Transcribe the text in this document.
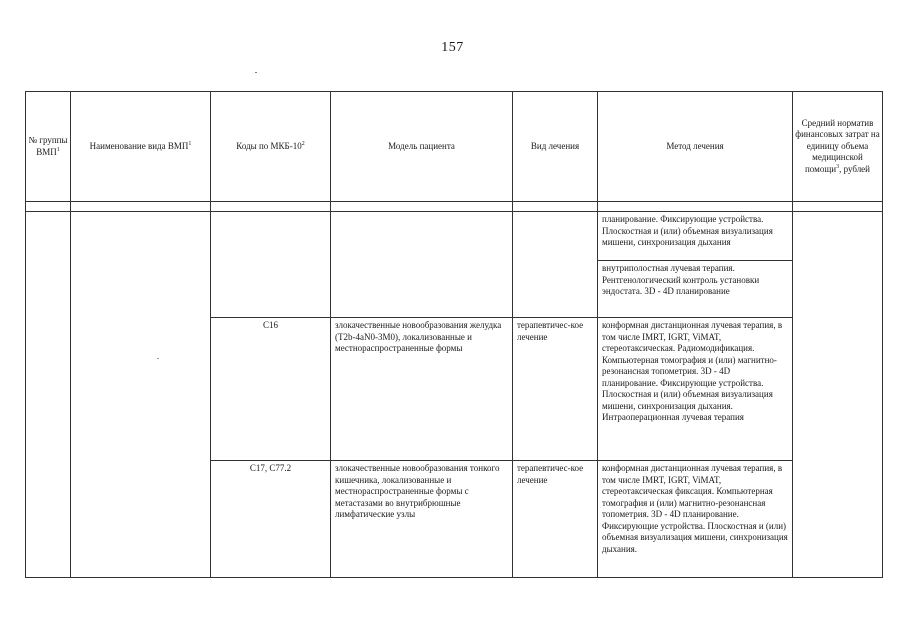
157
№ группы ВМП$^1$	Наименование вида ВМП$^1$	Коды по МКБ-$10^2$	Модель пациента	Вид лечения	Метод лечения	Средний норматив финансовых затрат на единицу объема медицинской помощи$^3$, рублей

					планирование. Фиксирующие устройства. Плоскостная и (или) объемная визуализация мишени, синхронизация дыхания	
					внутриполостная лучевая терапия. Рентгенологический контроль установки эндостата. 3D - 4D планирование	
		C16	злокачественные новообразования желудка (T2b-4aN0-3M0), локализованные и местнораспространенные формы	терапевтичес-кое лечение	конформная дистанционная лучевая терапия, в том числе IMRT, IGRT, ViMAT, стереотаксическая. Радиомодификация. Компьютерная томография и (или) магнитно-резонансная топометрия. 3D - 4D планирование. Фиксирующие устройства. Плоскостная и (или) объемная визуализация мишени, синхронизация дыхания. Интраоперационная лучевая терапия	
		C17, C77.2	злокачественные новообразования тонкого кишечника, локализованные и местнораспространенные формы с метастазами во внутрибрюшные лимфатические узлы	терапевтичес-кое лечение	конформная дистанционная лучевая терапия, в том числе IMRT, IGRT, ViMAT, стереотаксическая фиксация. Компьютерная томография и (или) магнитно-резонансная топометрия. 3D - 4D планирование. Фиксирующие устройства. Плоскостная и (или) объемная визуализация мишени, синхронизация дыхания.	
